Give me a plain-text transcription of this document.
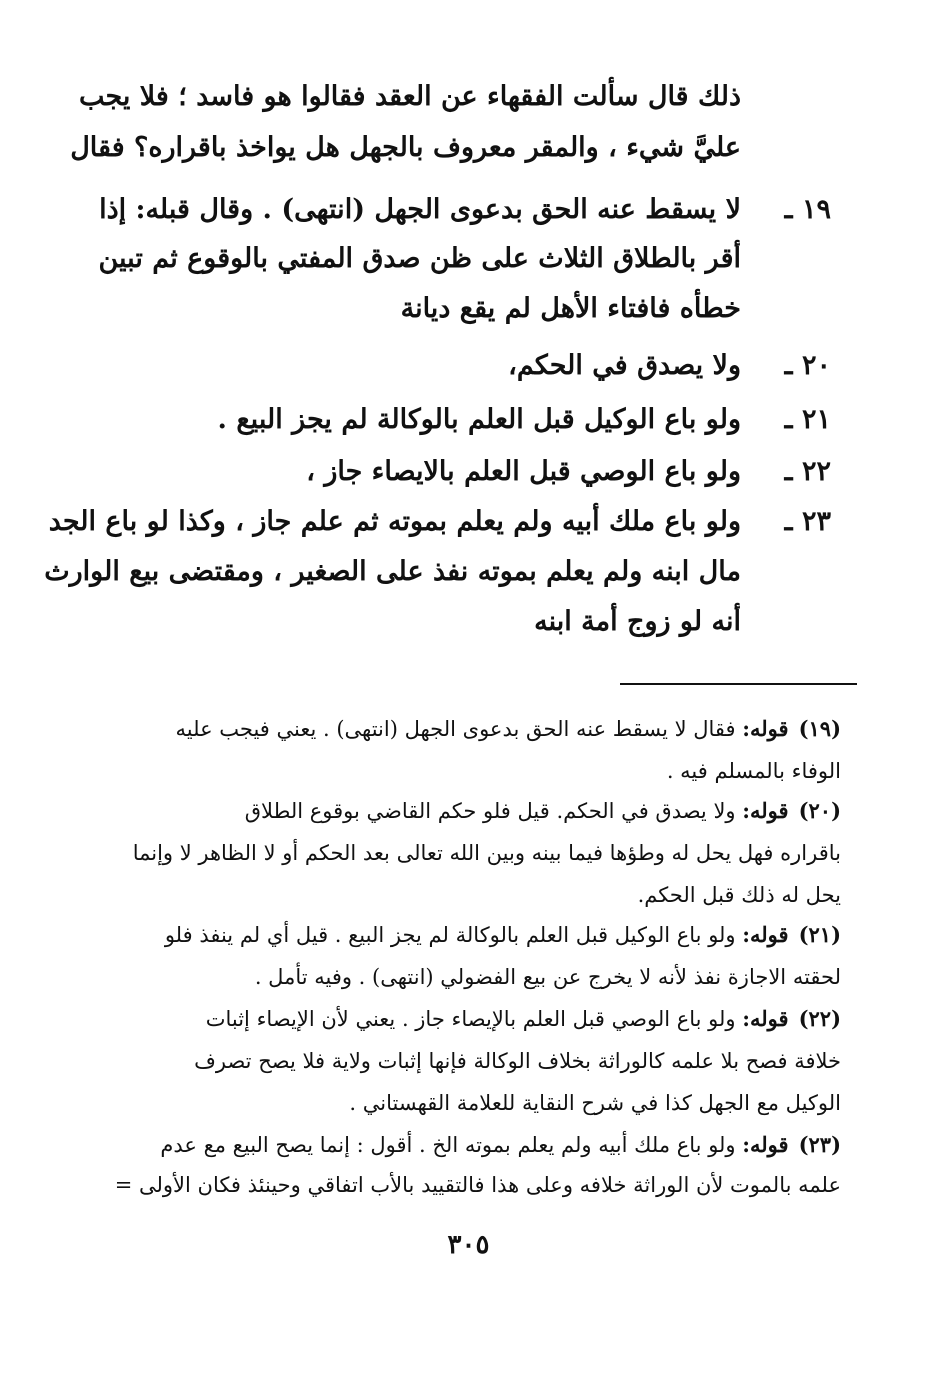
ذلك قال سألت الفقهاء عن العقد فقالوا هو فاسد ؛ فلا يجب
عليَّ شيء ، والمقر معروف بالجهل هل يواخذ باقراره؟ فقال
١٩ ـ
لا يسقط عنه الحق بدعوى الجهل (انتهى) . وقال قبله: إذا
أقر بالطلاق الثلاث على ظن صدق المفتي بالوقوع ثم تبين
خطأه فافتاء الأهل لم يقع ديانة
٢٠ ـ
ولا يصدق في الحكم،
٢١ ـ
ولو باع الوكيل قبل العلم بالوكالة لم يجز البيع .
٢٢ ـ
ولو باع الوصي قبل العلم بالايصاء جاز ،
٢٣ ـ
ولو باع ملك أبيه ولم يعلم بموته ثم علم جاز ، وكذا لو باع الجد
مال ابنه ولم يعلم بموته نفذ على الصغير ، ومقتضى بيع الوارث
أنه لو زوج أمة ابنه
(١٩)قوله: فقال لا يسقط عنه الحق بدعوى الجهل (انتهى) . يعني فيجب عليه
الوفاء بالمسلم فيه .
(٢٠)قوله: ولا يصدق في الحكم. قيل فلو حكم القاضي بوقوع الطلاق
باقراره فهل يحل له وطؤها فيما بينه وبين الله تعالى بعد الحكم أو لا الظاهر لا وإنما
يحل له ذلك قبل الحكم.
(٢١)قوله: ولو باع الوكيل قبل العلم بالوكالة لم يجز البيع . قيل أي لم ينفذ فلو
لحقته الاجازة نفذ لأنه لا يخرج عن بيع الفضولي (انتهى) . وفيه تأمل .
(٢٢)قوله: ولو باع الوصي قبل العلم بالإيصاء جاز . يعني لأن الإيصاء إثبات
خلافة فصح بلا علمه كالوراثة بخلاف الوكالة فإنها إثبات ولاية فلا يصح تصرف
الوكيل مع الجهل كذا في شرح النقاية للعلامة القهستاني .
(٢٣)قوله: ولو باع ملك أبيه ولم يعلم بموته الخ . أقول : إنما يصح البيع مع عدم
علمه بالموت لأن الوراثة خلافه وعلى هذا فالتقييد بالأب اتفاقي وحينئذ فكان الأولى =
٣٠٥
